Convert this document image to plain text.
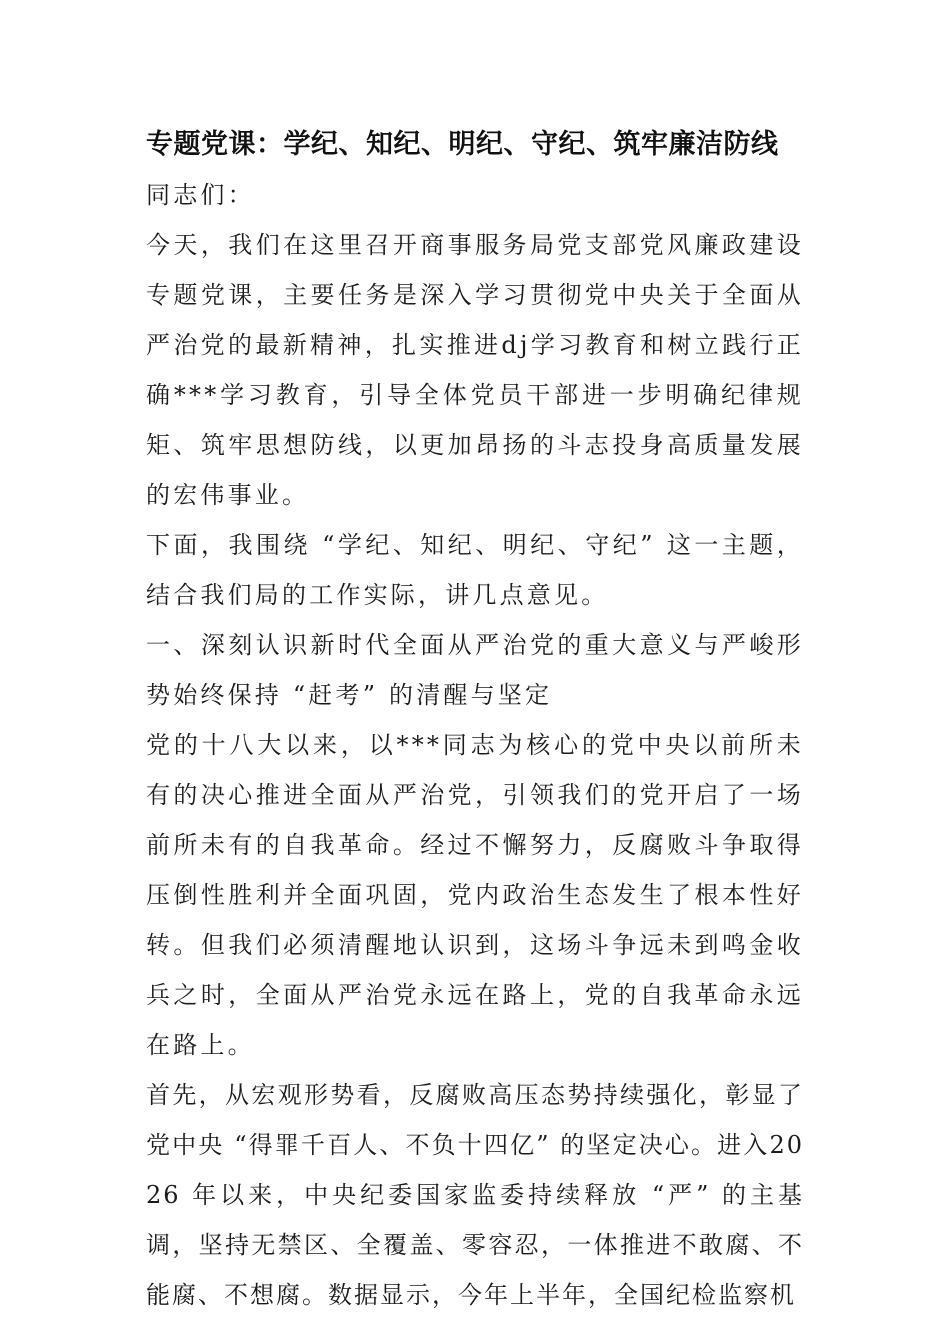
专题党课：学纪、知纪、明纪、守纪、筑牢廉洁防线

同志们：

今天，我们在这里召开商事服务局党支部党风廉政建设专题党课，主要任务是深入学习贯彻党中央关于全面从严治党的最新精神，扎实推进dj学习教育和树立践行正确***学习教育，引导全体党员干部进一步明确纪律规矩、筑牢思想防线，以更加昂扬的斗志投身高质量发展的宏伟事业。

下面，我围绕 “学纪、知纪、明纪、守纪” 这一主题，结合我们局的工作实际，讲几点意见。

一、深刻认识新时代全面从严治党的重大意义与严峻形势始终保持 “赶考” 的清醒与坚定

党的十八大以来，以***同志为核心的党中央以前所未有的决心推进全面从严治党，引领我们的党开启了一场前所未有的自我革命。经过不懈努力，反腐败斗争取得压倒性胜利并全面巩固，党内政治生态发生了根本性好转。但我们必须清醒地认识到，这场斗争远未到鸣金收兵之时，全面从严治党永远在路上，党的自我革命永远在路上。

首先，从宏观形势看，反腐败高压态势持续强化，彰显了党中央 “得罪千百人、不负十四亿” 的坚定决心。进入2026 年以来，中央纪委国家监委持续释放 “严” 的主基调，坚持无禁区、全覆盖、零容忍，一体推进不敢腐、不能腐、不想腐。数据显示，今年上半年，全国纪检监察机
